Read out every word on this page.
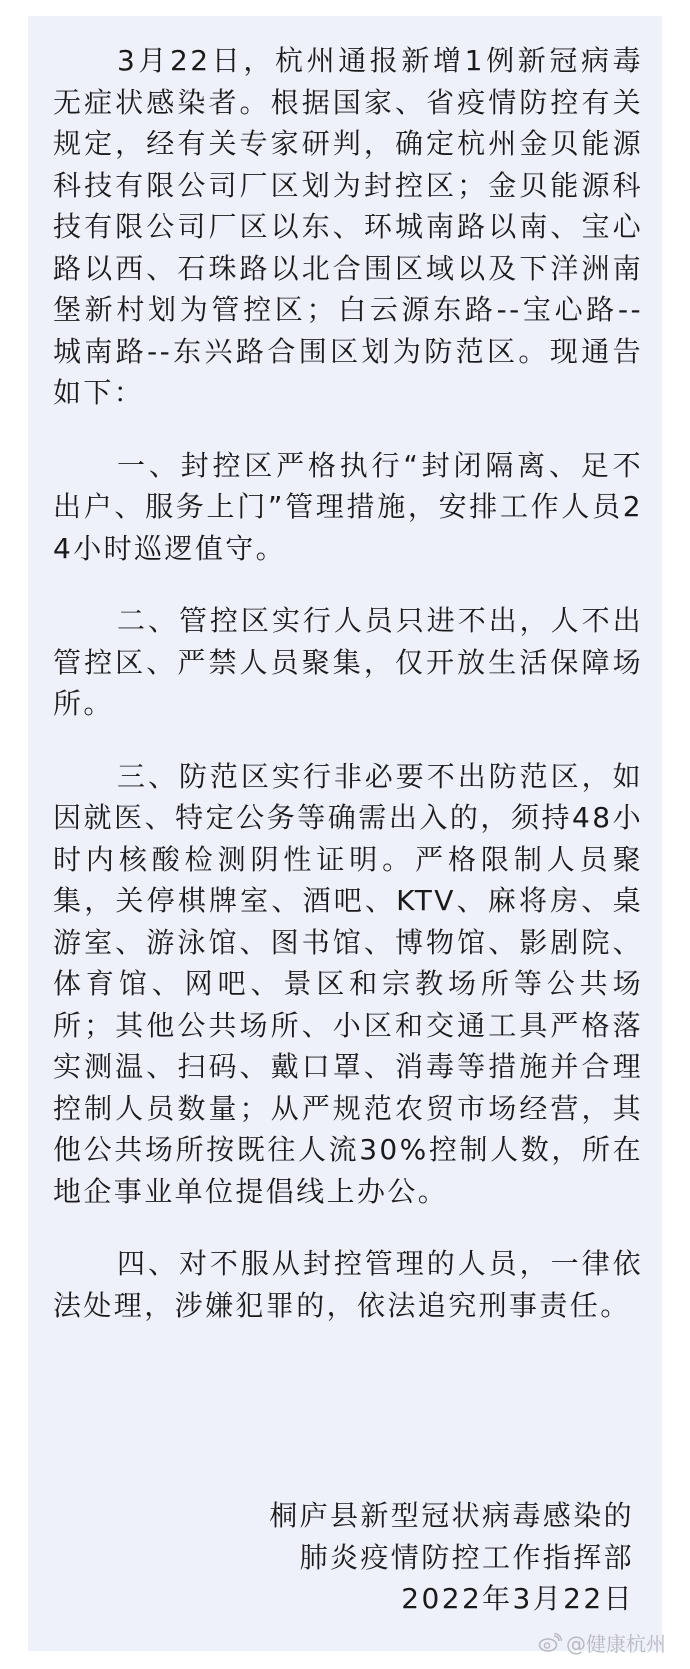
3月22日，杭州通报新增1例新冠病毒无症状感染者。根据国家、省疫情防控有关规定，经有关专家研判，确定杭州金贝能源科技有限公司厂区划为封控区；金贝能源科技有限公司厂区以东、环城南路以南、宝心路以西、石珠路以北合围区域以及下洋洲南堡新村划为管控区；白云源东路--宝心路--城南路--东兴路合围区划为防范区。现通告如下：

一、封控区严格执行“封闭隔离、足不出户、服务上门”管理措施，安排工作人员24小时巡逻值守。

二、管控区实行人员只进不出，人不出管控区、严禁人员聚集，仅开放生活保障场所。

三、防范区实行非必要不出防范区，如因就医、特定公务等确需出入的，须持48小时内核酸检测阴性证明。严格限制人员聚集，关停棋牌室、酒吧、KTV、麻将房、桌游室、游泳馆、图书馆、博物馆、影剧院、体育馆、网吧、景区和宗教场所等公共场所；其他公共场所、小区和交通工具严格落实测温、扫码、戴口罩、消毒等措施并合理控制人员数量；从严规范农贸市场经营，其他公共场所按既往人流30%控制人数，所在地企事业单位提倡线上办公。

四、对不服从封控管理的人员，一律依法处理，涉嫌犯罪的，依法追究刑事责任。

桐庐县新型冠状病毒感染的
肺炎疫情防控工作指挥部
2022年3月22日
@健康杭州
